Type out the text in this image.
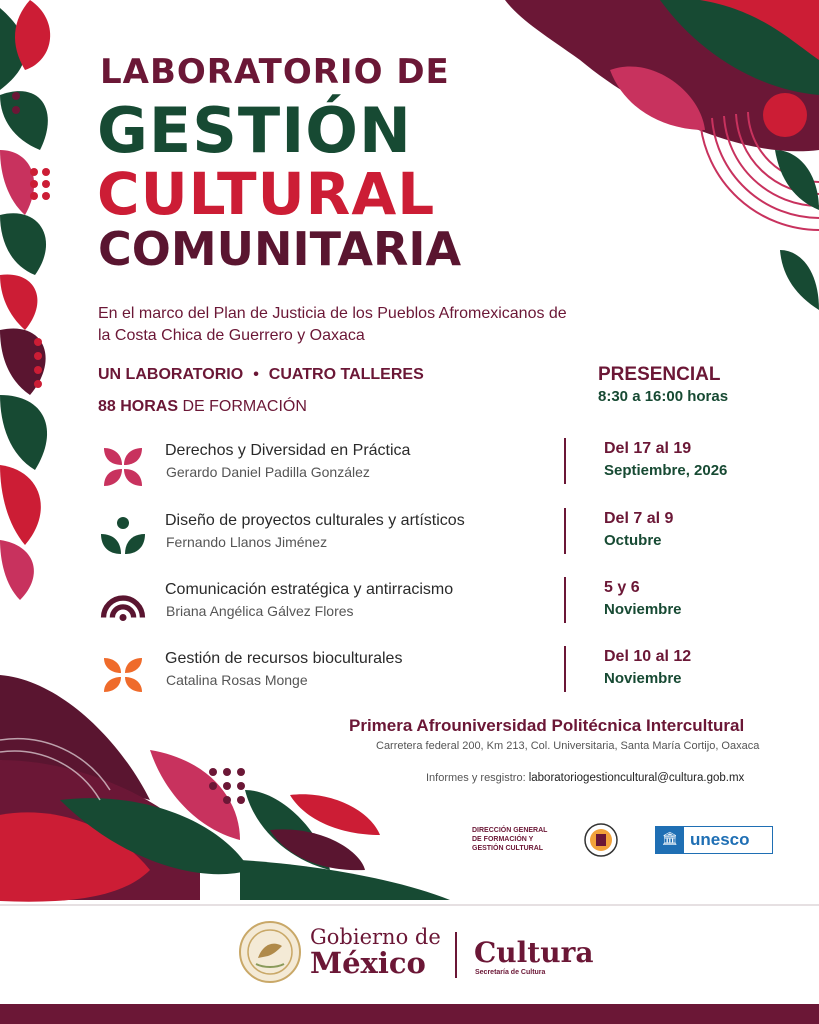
LABORATORIO DE
GESTIÓN
CULTURAL
COMUNITARIA
En el marco del Plan de Justicia de los Pueblos Afromexicanos de la Costa Chica de Guerrero y Oaxaca
UN LABORATORIO • CUATRO TALLERES
88 HORAS DE FORMACIÓN
PRESENCIAL
8:30 a 16:00 horas
Derechos y Diversidad en Práctica
Gerardo Daniel Padilla González
Del 17 al 19
Septiembre, 2026
Diseño de proyectos culturales y artísticos
Fernando Llanos Jiménez
Del 7 al 9
Octubre
Comunicación estratégica y antirracismo
Briana Angélica Gálvez Flores
5 y 6
Noviembre
Gestión de recursos bioculturales
Catalina Rosas Monge
Del 10 al 12
Noviembre
Primera Afrouniversidad Politécnica Intercultural
Carretera federal 200, Km 213, Col. Universitaria, Santa María Cortijo, Oaxaca
Informes y resgistro: laboratoriogestioncultural@cultura.gob.mx
DIRECCIÓN GENERAL DE FORMACIÓN Y GESTIÓN CULTURAL
🏛 unesco
Gobierno de
México Cultura
Secretaría de Cultura
